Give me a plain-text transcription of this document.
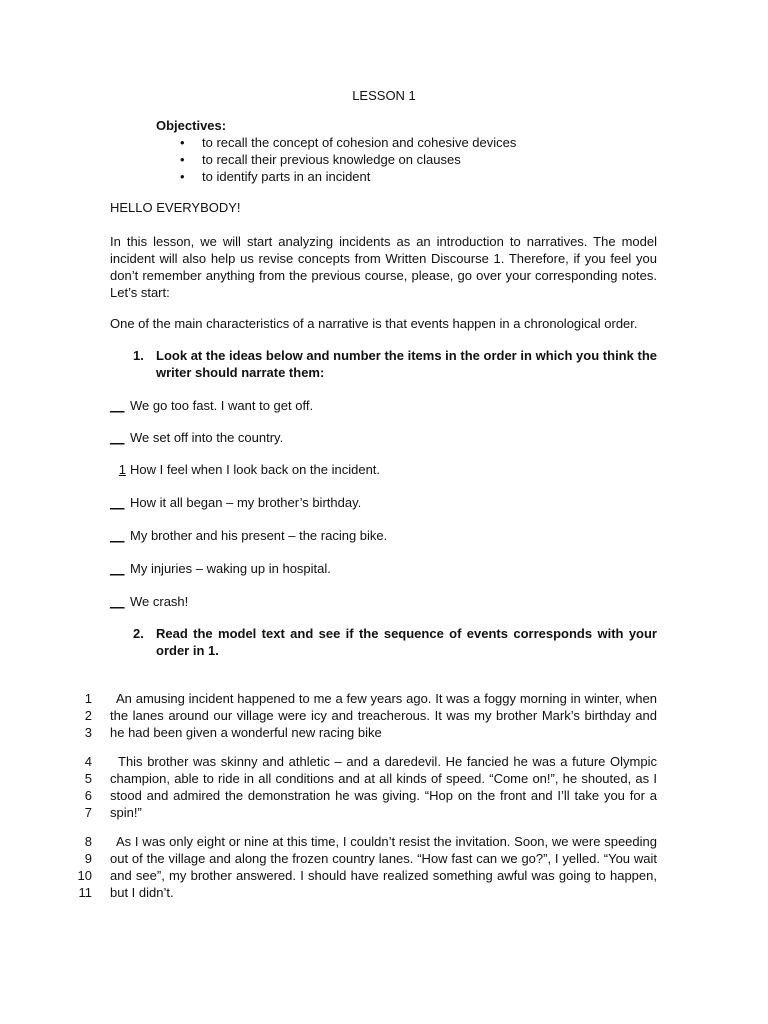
LESSON 1
Objectives:
• to recall the concept of cohesion and cohesive devices
• to recall their previous knowledge on clauses
• to identify parts in an incident
HELLO EVERYBODY!
In this lesson, we will start analyzing incidents as an introduction to narratives. The model incident will also help us revise concepts from Written Discourse 1. Therefore, if you feel you don’t remember anything from the previous course, please, go over your corresponding notes. Let’s start:
One of the main characteristics of a narrative is that events happen in a chronological order.
1. Look at the ideas below and number the items in the order in which you think the writer should narrate them:
__ We go too fast. I want to get off.
__ We set off into the country.
1 How I feel when I look back on the incident.
__ How it all began – my brother’s birthday.
__ My brother and his present – the racing bike.
__ My injuries – waking up in hospital.
__ We crash!
2. Read the model text and see if the sequence of events corresponds with your order in 1.
1
2
3
An amusing incident happened to me a few years ago. It was a foggy morning in winter, when the lanes around our village were icy and treacherous. It was my brother Mark’s birthday and he had been given a wonderful new racing bike
4
5
6
7
This brother was skinny and athletic – and a daredevil. He fancied he was a future Olympic champion, able to ride in all conditions and at all kinds of speed. “Come on!”, he shouted, as I stood and admired the demonstration he was giving. “Hop on the front and I’ll take you for a spin!”
8
9
10
11
As I was only eight or nine at this time, I couldn’t resist the invitation. Soon, we were speeding out of the village and along the frozen country lanes. “How fast can we go?”, I yelled. “You wait and see”, my brother answered. I should have realized something awful was going to happen, but I didn’t.
